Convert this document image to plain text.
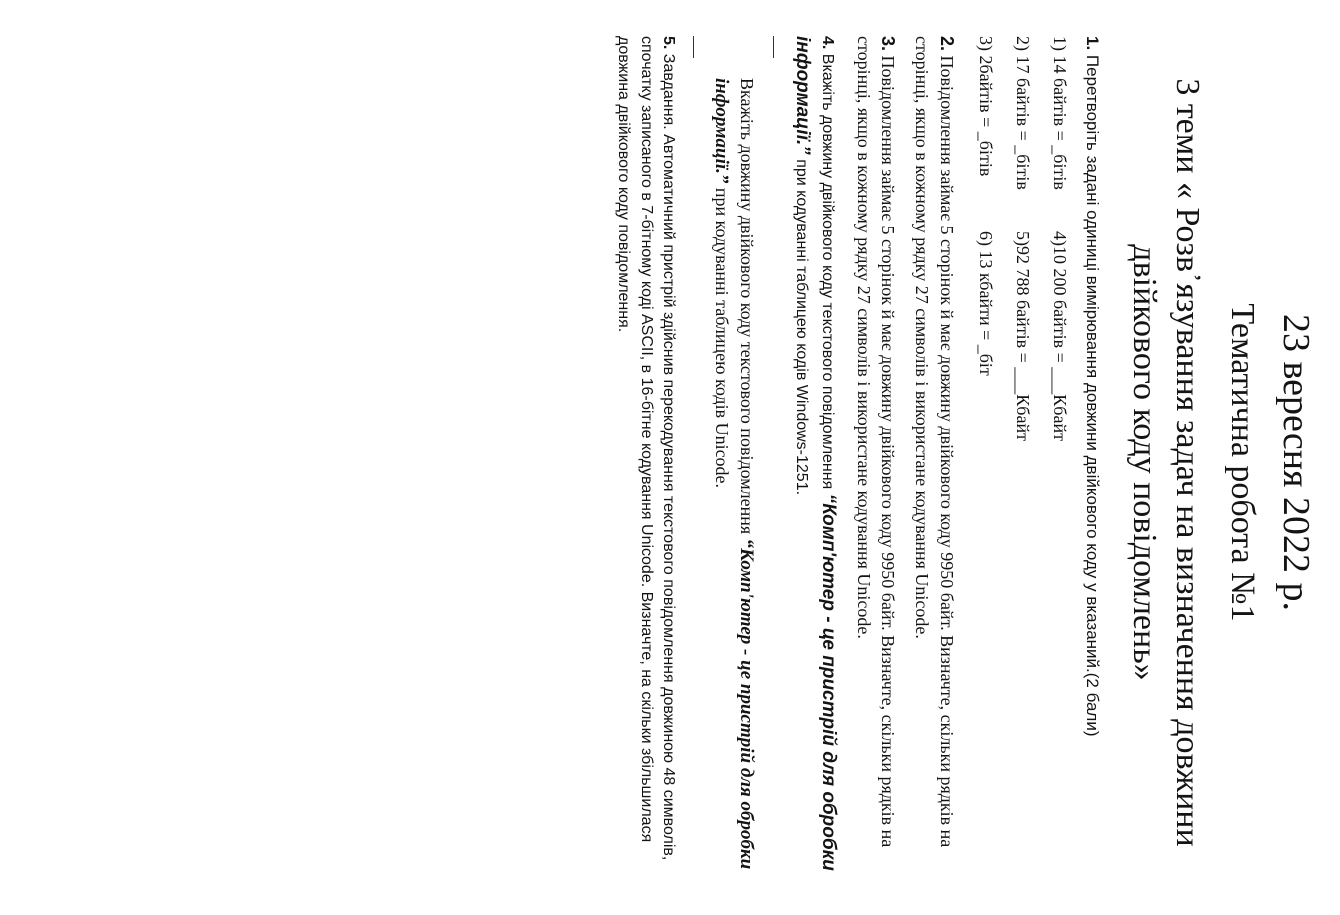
23 вересня 2022 р.
Тематична робота №1
3 теми « Розв᾽язування задач на визначення довжини двійкового коду повідомлень»
1. Перетворіть задані одиниці вимірювання довжини двійкового коду у вказаний.(2 бали)
1) 14 байтів = _бітів
4)10 200 байтів = ___Кбайт
2) 17 байтів = _бітів
5)92 788 байтів = ___Кбайт
3) 2байтів = _бітів
6) 13 кбайти = _біт
2. Повідомлення займає 5 сторінок й має довжину двійкового коду 9950 байт. Визначте, скільки рядків на сторінці, якщо в кожному рядку 27 символів і використане кодування Unicode.
3. Повідомлення займає 5 сторінок й має довжину двійкового коду 9950 байт. Визначте, скільки рядків на сторінці, якщо в кожному рядку 27 символів і використане кодування Unicode.
4. Вкажіть довжину двійкового коду текстового повідомлення “Комп'ютер - це пристрій для обробки інформації.” при кодуванні таблицею кодів Windows-1251.
Вкажіть довжину двійкового коду текстового повідомлення “Комп'ютер - це пристрій для обробки інформації.” при кодуванні таблицею кодів Unicode.
5. Завдання. Автоматичний пристрій здійснив перекодування текстового повідомлення довжиною 48 символів, спочатку записаного в 7-бітному коді ASCII, в 16-бітне кодування Unicode. Визначте, на скільки збільшилася довжина двійкового коду повідомлення.
